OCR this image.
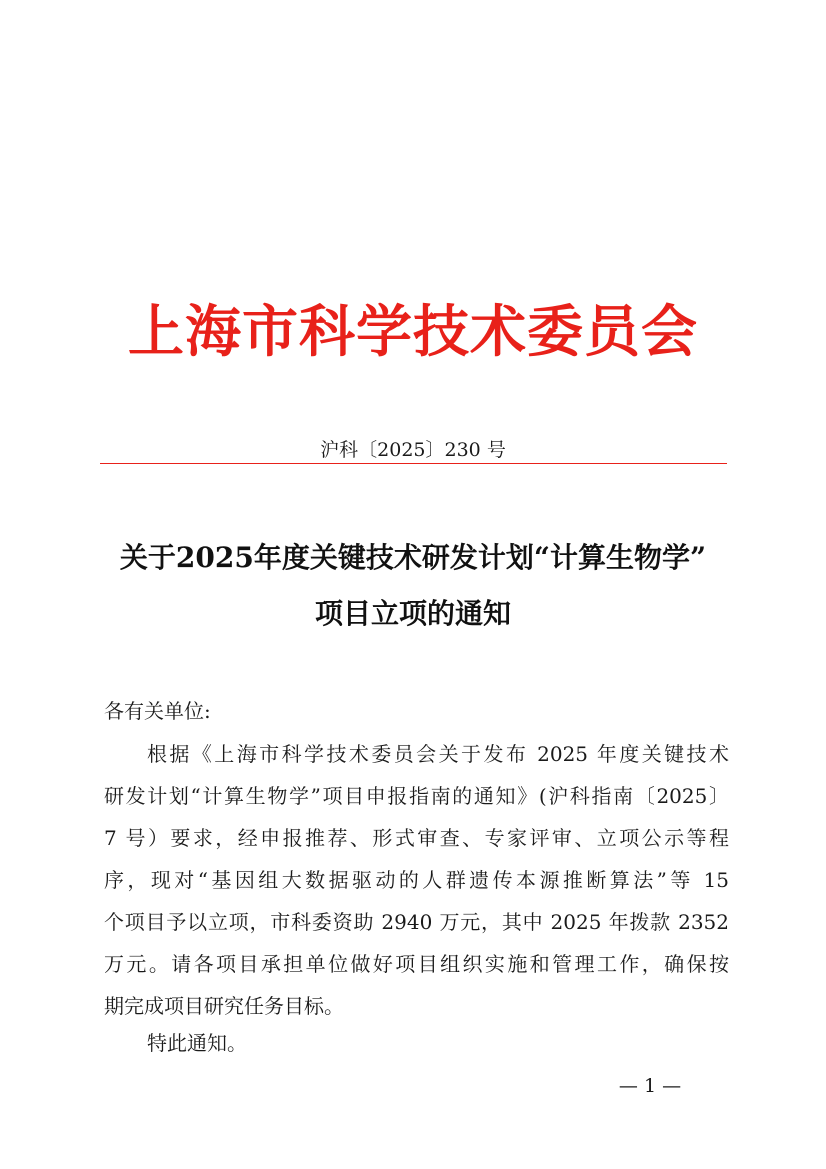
上海市科学技术委员会
沪科〔2025〕230 号
关于2025年度关键技术研发计划“计算生物学”
项目立项的通知
各有关单位:
根据《上海市科学技术委员会关于发布 2025 年度关键技术
研发计划“计算生物学”项目申报指南的通知》(沪科指南〔2025〕
7 号）要求，经申报推荐、形式审查、专家评审、立项公示等程
序，现对“基因组大数据驱动的人群遗传本源推断算法”等 15
个项目予以立项，市科委资助 2940 万元，其中 2025 年拨款 2352
万元。请各项目承担单位做好项目组织实施和管理工作，确保按
期完成项目研究任务目标。
特此通知。
— 1 —
